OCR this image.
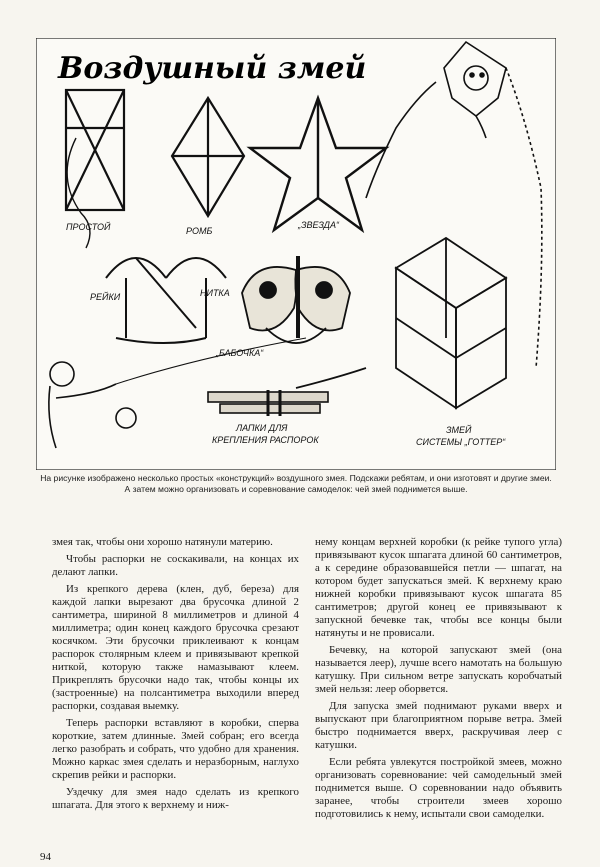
Воздушный змей
ПРОСТОЙ	РОМБ
„ЗВЕЗДА“
РЕЙКИ	НИТКА
„БАБОЧКА“
ЛАПКИ ДЛЯ
КРЕПЛЕНИЯ РАСПОРОК
ЗМЕЙ
СИСТЕМЫ „ГОТТЕР“
На рисунке изображено несколько простых «конструкций» воздушного змея. Подскажи ребятам, и они изготовят и другие змеи. А затем можно организовать и соревнование самоделок: чей змей поднимется выше.

змея так, чтобы они хорошо натянули материю.

Чтобы распорки не соскакивали, на концах их делают лапки.

Из крепкого дерева (клен, дуб, береза) для каждой лапки вырезают два брусочка длиной 2 сантиметра, шириной 8 миллиметров и длиной 4 миллиметра; один конец каждого брусочка срезают косячком. Эти брусочки приклеивают к концам распорок столярным клеем и привязывают крепкой ниткой, которую также намазывают клеем. Прикреплять брусочки надо так, чтобы концы их (застроенные) на полсантиметра выходили вперед распорки, создавая выемку.

Теперь распорки вставляют в коробки, сперва короткие, затем длинные. Змей собран; его всегда легко разобрать и собрать, что удобно для хранения. Можно каркас змея сделать и неразборным, наглухо скрепив рейки и распорки.

Уздечку для змея надо сделать из крепкого шпагата. Для этого к верхнему и ниж-

нему концам верхней коробки (к рейке тупого угла) привязывают кусок шпагата длиной 60 сантиметров, а к середине образовавшейся петли — шпагат, на котором будет запускаться змей. К верхнему краю нижней коробки привязывают кусок шпагата 85 сантиметров; другой конец ее привязывают к запускной бечевке так, чтобы все концы были натянуты и не провисали.

Бечевку, на которой запускают змей (она называется леер), лучше всего намотать на большую катушку. При сильном ветре запускать коробчатый змей нельзя: леер оборвется.

Для запуска змей поднимают руками вверх и выпускают при благоприятном порыве ветра. Змей быстро поднимается вверх, раскручивая леер с катушки.

Если ребята увлекутся постройкой змеев, можно организовать соревнование: чей самодельный змей поднимется выше. О соревновании надо объявить заранее, чтобы строители змеев хорошо подготовились к нему, испытали свои самоделки.

94
